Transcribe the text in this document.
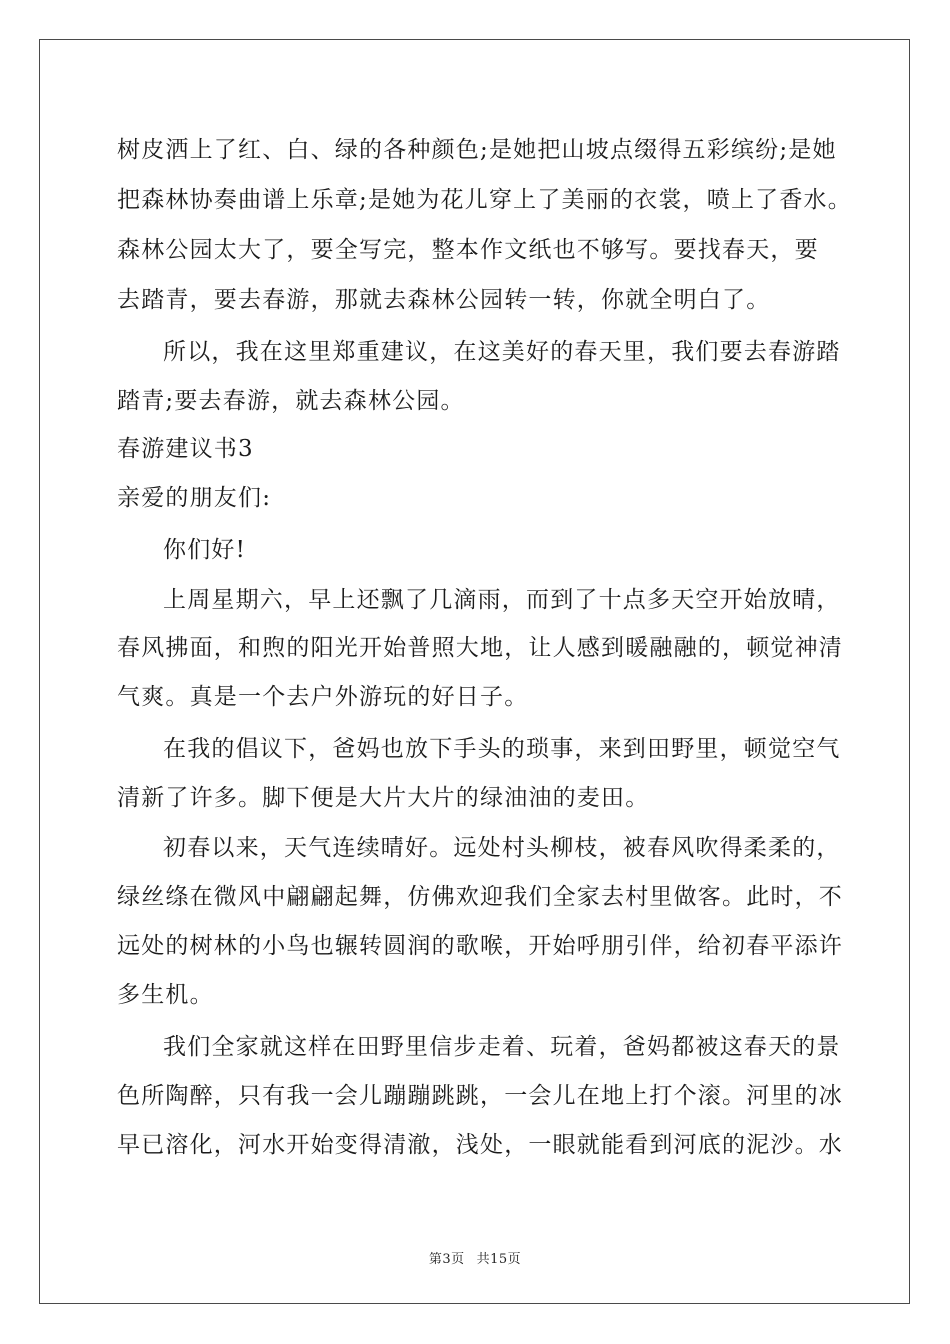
树皮洒上了红、白、绿的各种颜色;是她把山坡点缀得五彩缤纷;是她
把森林协奏曲谱上乐章;是她为花儿穿上了美丽的衣裳，喷上了香水。
森林公园太大了，要全写完，整本作文纸也不够写。要找春天，要
去踏青，要去春游，那就去森林公园转一转，你就全明白了。
所以，我在这里郑重建议，在这美好的春天里，我们要去春游踏
踏青;要去春游，就去森林公园。
春游建议书3
亲爱的朋友们:
你们好!
上周星期六，早上还飘了几滴雨，而到了十点多天空开始放晴，
春风拂面，和煦的阳光开始普照大地，让人感到暖融融的，顿觉神清
气爽。真是一个去户外游玩的好日子。
在我的倡议下，爸妈也放下手头的琐事，来到田野里，顿觉空气
清新了许多。脚下便是大片大片的绿油油的麦田。
初春以来，天气连续晴好。远处村头柳枝，被春风吹得柔柔的，
绿丝绦在微风中翩翩起舞，仿佛欢迎我们全家去村里做客。此时，不
远处的树林的小鸟也辗转圆润的歌喉，开始呼朋引伴，给初春平添许
多生机。
我们全家就这样在田野里信步走着、玩着，爸妈都被这春天的景
色所陶醉，只有我一会儿蹦蹦跳跳，一会儿在地上打个滚。河里的冰
早已溶化，河水开始变得清澈，浅处，一眼就能看到河底的泥沙。水
第3页 共15页
